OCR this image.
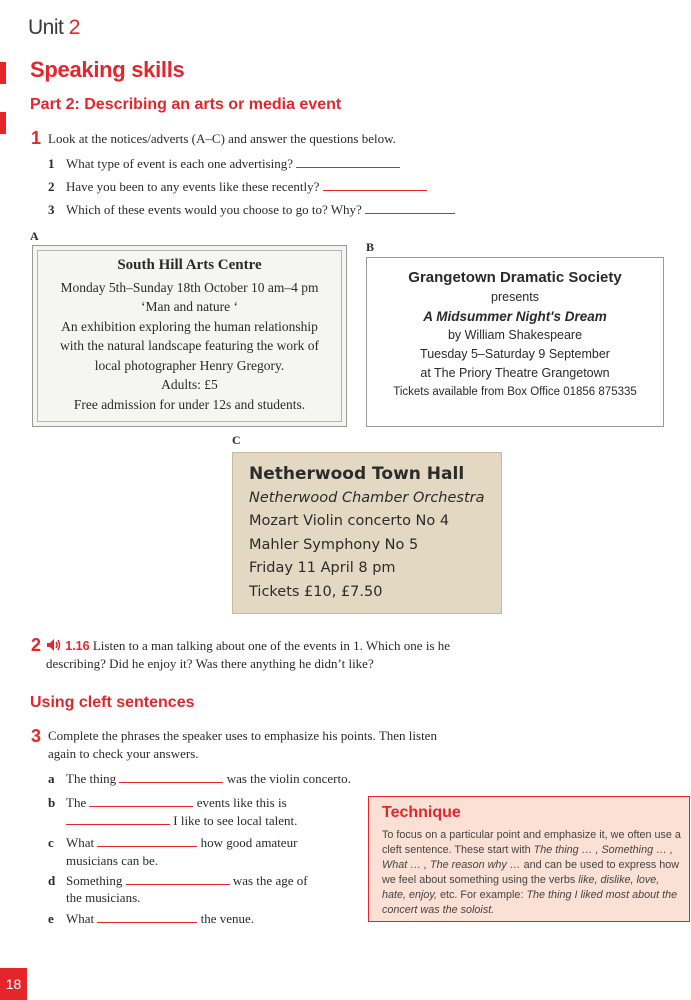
Unit 2
Speaking skills
Part 2: Describing an arts or media event
1 Look at the notices/adverts (A–C) and answer the questions below.
1 What type of event is each one advertising?
2 Have you been to any events like these recently?
3 Which of these events would you choose to go to? Why?
A
South Hill Arts Centre
Monday 5th–Sunday 18th October 10 am–4 pm
‘Man and nature ‘
An exhibition exploring the human relationship
with the natural landscape featuring the work of
local photographer Henry Gregory.
Adults: £5
Free admission for under 12s and students.
B
Grangetown Dramatic Society
presents
A Midsummer Night's Dream
by William Shakespeare
Tuesday 5–Saturday 9 September
at The Priory Theatre Grangetown
Tickets available from Box Office 01856 875335
C
Netherwood Town Hall
Netherwood Chamber Orchestra
Mozart Violin concerto No 4
Mahler Symphony No 5
Friday 11 April 8 pm
Tickets £10, £7.50
2	1.16 Listen to a man talking about one of the events in 1. Which one is he
describing? Did he enjoy it? Was there anything he didn’t like?
Using cleft sentences
3 Complete the phrases the speaker uses to emphasize his points. Then listen
again to check your answers.
a The thing	was the violin concerto.
b The	events like this is
I like to see local talent.
c What	how good amateur
musicians can be.
d Something	was the age of
the musicians.
e What	the venue.
Technique
To focus on a particular point and emphasize it, we often use a cleft sentence. These start with The thing … , Something … , What … , The reason why … and can be used to express how we feel about something using the verbs like, dislike, love, hate, enjoy, etc. For example: The thing I liked most about the concert was the soloist.
18
